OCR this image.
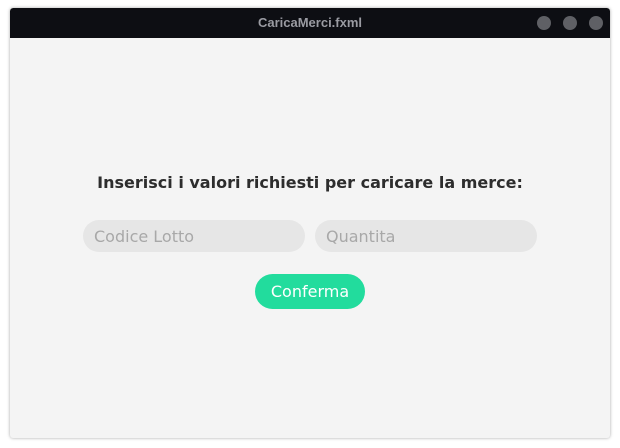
CaricaMerci.fxml
Inserisci i valori richiesti per caricare la merce:
Codice Lotto
Quantita
Conferma
